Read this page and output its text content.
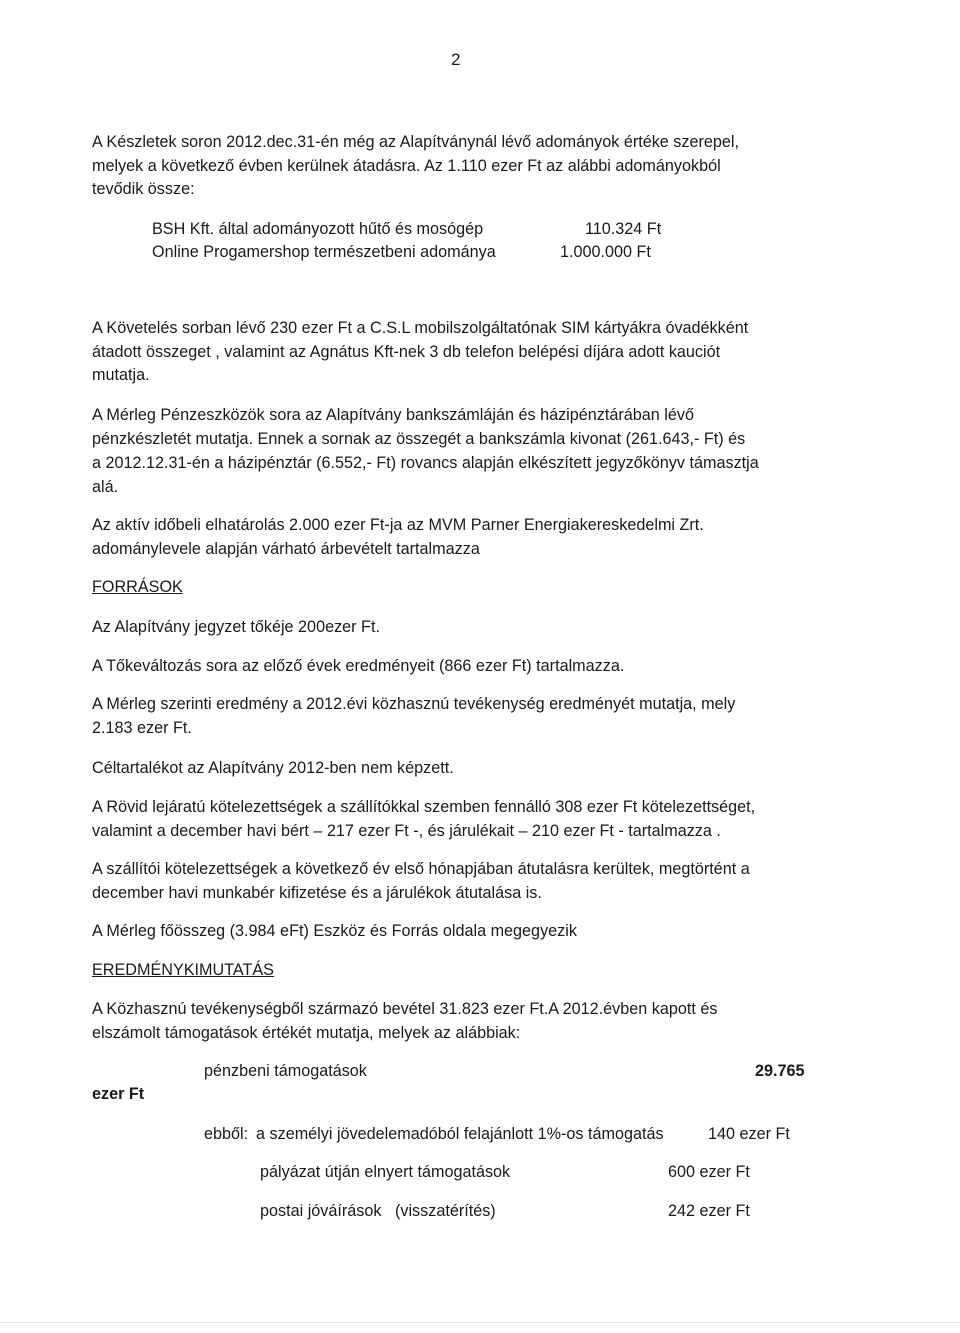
2
A Készletek soron 2012.dec.31-én még az Alapítványnál lévő adományok értéke szerepel,
melyek a következő évben kerülnek átadásra. Az 1.110 ezer Ft az alábbi adományokból
tevődik össze:
BSH Kft. által adományozott hűtő és mosógép	110.324 Ft
Online Progamershop természetbeni adománya	1.000.000 Ft
A Követelés sorban lévő 230 ezer Ft a C.S.L mobilszolgáltatónak SIM kártyákra óvadékként
átadott összeget , valamint az Agnátus Kft-nek 3 db telefon belépési díjára adott kauciót
mutatja.
A Mérleg Pénzeszközök sora az Alapítvány bankszámláján és házipénztárában lévő
pénzkészletét mutatja. Ennek a sornak az összegét a bankszámla kivonat (261.643,- Ft) és
a 2012.12.31-én a házipénztár (6.552,- Ft) rovancs alapján elkészített jegyzőkönyv támasztja
alá.
Az aktív időbeli elhatárolás 2.000 ezer Ft-ja az MVM Parner Energiakereskedelmi Zrt.
adománylevele alapján várható árbevételt tartalmazza
FORRÁSOK
Az Alapítvány jegyzet tőkéje 200ezer Ft.
A Tőkeváltozás sora az előző évek eredményeit (866 ezer Ft) tartalmazza.
A Mérleg szerinti eredmény a 2012.évi közhasznú tevékenység eredményét mutatja, mely
2.183 ezer Ft.
Céltartalékot az Alapítvány 2012-ben nem képzett.
A Rövid lejáratú kötelezettségek a szállítókkal szemben fennálló 308 ezer Ft kötelezettséget,
valamint a december havi bért – 217 ezer Ft -, és járulékait – 210 ezer Ft - tartalmazza .
A szállítói kötelezettségek a következő év első hónapjában átutalásra kerültek, megtörtént a
december havi munkabér kifizetése és a járulékok átutalása is.
A Mérleg főösszeg (3.984 eFt) Eszköz és Forrás oldala megegyezik
EREDMÉNYKIMUTATÁS
A Közhasznú tevékenységből származó bevétel 31.823 ezer Ft.A 2012.évben kapott és
elszámolt támogatások értékét mutatja, melyek az alábbiak:
pénzbeni támogatások	29.765
ezer Ft
ebből: a személyi jövedelemadóból felajánlott 1%-os támogatás	140 ezer Ft
pályázat útján elnyert támogatások	600 ezer Ft
postai jóváírások   (visszatérítés)	242 ezer Ft
